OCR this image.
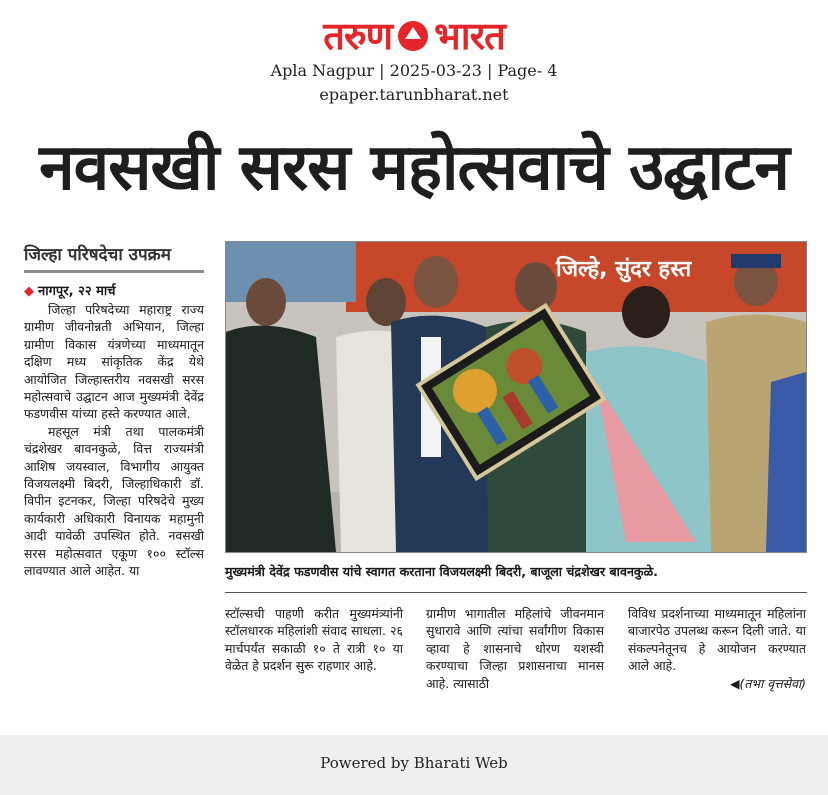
तरुण भारत
Apla Nagpur | 2025-03-23 | Page- 4
epaper.tarunbharat.net
नवसखी सरस महोत्सवाचे उद्घाटन
जिल्हा परिषदेचा उपक्रम
◆ नागपूर, २२ मार्च

जिल्हा परिषदेच्या महाराष्ट्र राज्य ग्रामीण जीवनोन्नती अभियान, जिल्हा ग्रामीण विकास यंत्रणेच्या माध्यमातून दक्षिण मध्य सांकृतिक केंद्र येथे आयोजित जिल्हास्तरीय नवसखी सरस महोत्सवाचे उद्घाटन आज मुख्यमंत्री देवेंद्र फडणवीस यांच्या हस्ते करण्यात आले.

महसूल मंत्री तथा पालकमंत्री चंद्रशेखर बावनकुळे, वित्त राज्यमंत्री आशिष जयस्वाल, विभागीय आयुक्त विजयलक्ष्मी बिदरी, जिल्हाधिकारी डॉ. विपीन इटनकर, जिल्हा परिषदेचे मुख्य कार्यकारी अधिकारी विनायक महामुनी आदी यावेळी उपस्थित होते. नवसखी सरस महोत्सवात एकूण १०० स्टॉल्स लावण्यात आले आहेत. या

जिल्हे, सुंदर हस्त
मुख्यमंत्री देवेंद्र फडणवीस यांचे स्वागत करताना विजयलक्ष्मी बिदरी, बाजूला चंद्रशेखर बावनकुळे.
स्टॉल्सची पाहणी करीत मुख्यमंत्र्यांनी स्टॉलधारक महिलांशी संवाद साधला. २६ मार्चपर्यंत सकाळी १० ते रात्री १० या वेळेत हे प्रदर्शन सुरू राहणार आहे.
ग्रामीण भागातील महिलांचे जीवनमान सुधारावे आणि त्यांचा सर्वांगीण विकास व्हावा हे शासनाचे धोरण यशस्वी करण्याचा जिल्हा प्रशासनाचा मानस आहे. त्यासाठी
विविध प्रदर्शनाच्या माध्यमातून महिलांना बाजारपेठ उपलब्ध करून दिली जाते. या संकल्पनेतूनच हे आयोजन करण्यात आले आहे.
◀(तभा वृत्तसेवा)
Powered by Bharati Web
